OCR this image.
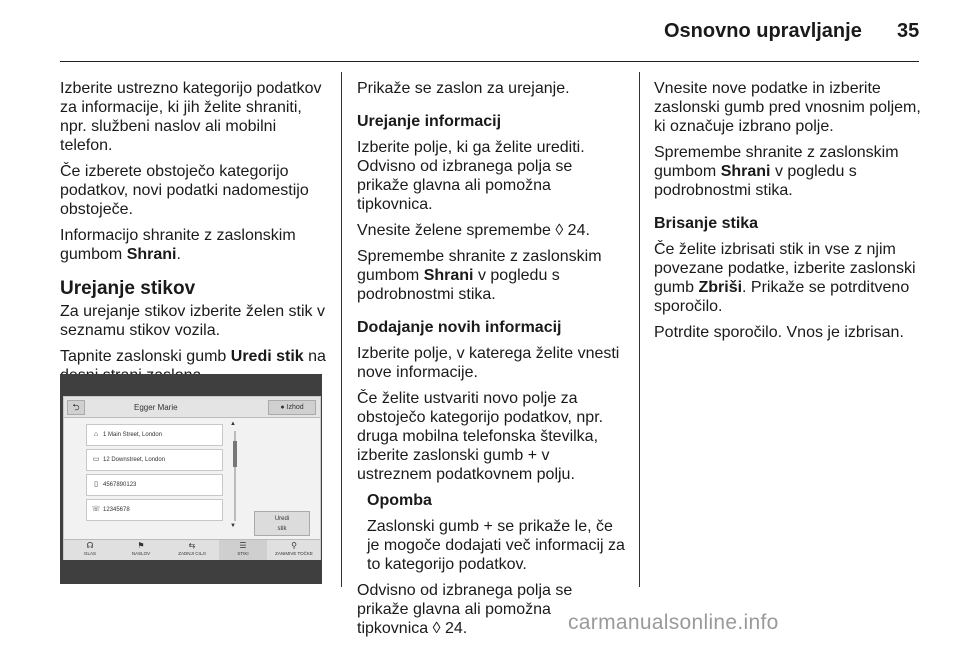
Osnovno upravljanje 35

Izberite ustrezno kategorijo podatkov za informacije, ki jih želite shraniti, npr. službeni naslov ali mobilni telefon.

Če izberete obstoječo kategorijo podatkov, novi podatki nadomestijo obstoječe.

Informacijo shranite z zaslonskim gumbom Shrani.

Urejanje stikov

Za urejanje stikov izberite želen stik v seznamu stikov vozila.

Tapnite zaslonski gumb Uredi stik na

⮌	Egger Marie	● Izhod
⌂ 1 Main Street, London
▭ 12 Downstreet, London
▯ 4567890123
☏ 12345678
▲
▼
Uredi
stik
☊
GLAS
⚑
NASLOV
⇆
ZADNJI CILJI
☰
STIKI
⚲
ZANIMIVE TOČKE

Prikaže se zaslon za urejanje.

Urejanje informacij

Izberite polje, ki ga želite urediti. Odvisno od izbranega polja se prikaže glavna ali pomožna tipkovnica.

Vnesite želene spremembe ◊ 24.

Spremembe shranite z zaslonskim gumbom Shrani v pogledu s podrobnostmi stika.

Dodajanje novih informacij

Izberite polje, v katerega želite vnesti nove informacije.

Če želite ustvariti novo polje za obstoječo kategorijo podatkov, npr. druga mobilna telefonska številka, izberite zaslonski gumb + v ustreznem podatkovnem polju.

Opomba

Zaslonski gumb + se prikaže le, če je mogoče dodajati več informacij za to kategorijo podatkov.

Odvisno od izbranega polja se prikaže glavna ali pomožna tipkovnica ◊ 24.

Vnesite nove podatke in izberite zaslonski gumb pred vnosnim poljem, ki označuje izbrano polje.

Spremembe shranite z zaslonskim gumbom Shrani v pogledu s podrobnostmi stika.

Brisanje stika

Če želite izbrisati stik in vse z njim povezane podatke, izberite zaslonski gumb Zbriši. Prikaže se potrditveno sporočilo.

Potrdite sporočilo. Vnos je izbrisan.

carmanualsonline.info
